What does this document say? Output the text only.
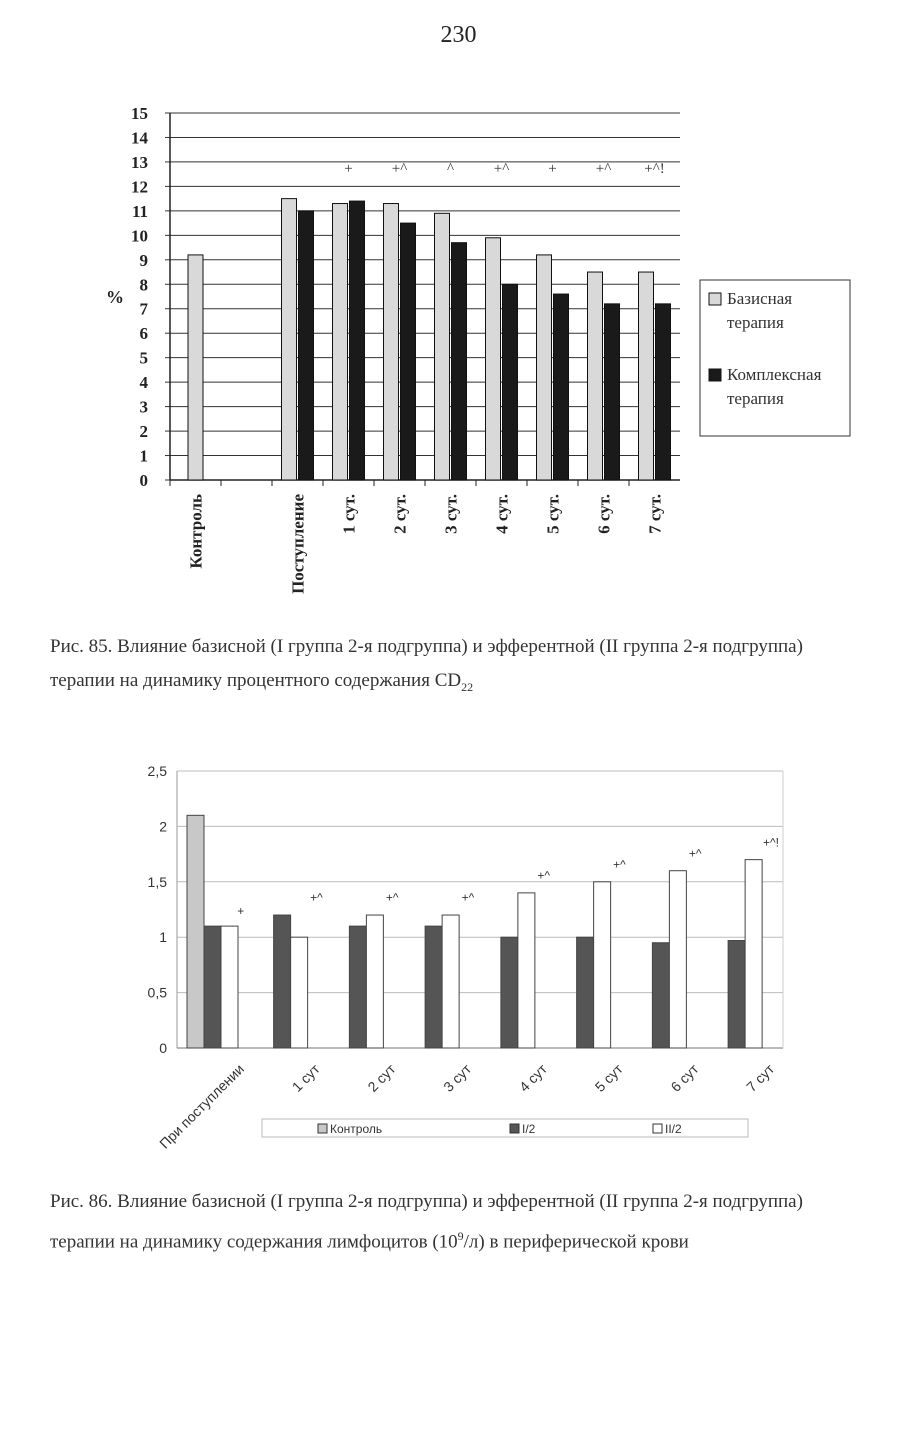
230
0
1
2
3
4
5
6
7
8
9
10
11
12
13
14
15
%
Контроль	Поступление 1 сут.
+
2 сут.
+^
3 сут.
^
4 сут.
+^
5 сут.
+
6 сут.
+^
7 сут.
+^!
Базисная
терапия
Комплексная
терапия
Рис. 85. Влияние базисной (I группа 2-я подгруппа) и эфферентной (II группа 2-я подгруппа)
терапии на динамику процентного содержания $CD_{22}$
0
0,5
1
1,5
2
2,5
При поступлении
+
1 сут
+^
2 сут
+^
3 сут
+^
4 сут
+^
5 сут
+^
6 сут
+^
7 сут
+^!
Контроль	I/2	II/2
Рис. 86. Влияние базисной (I группа 2-я подгруппа) и эфферентной (II группа 2-я подгруппа)
терапии на динамику содержания лимфоцитов $(10^9/л)$ в периферической крови
